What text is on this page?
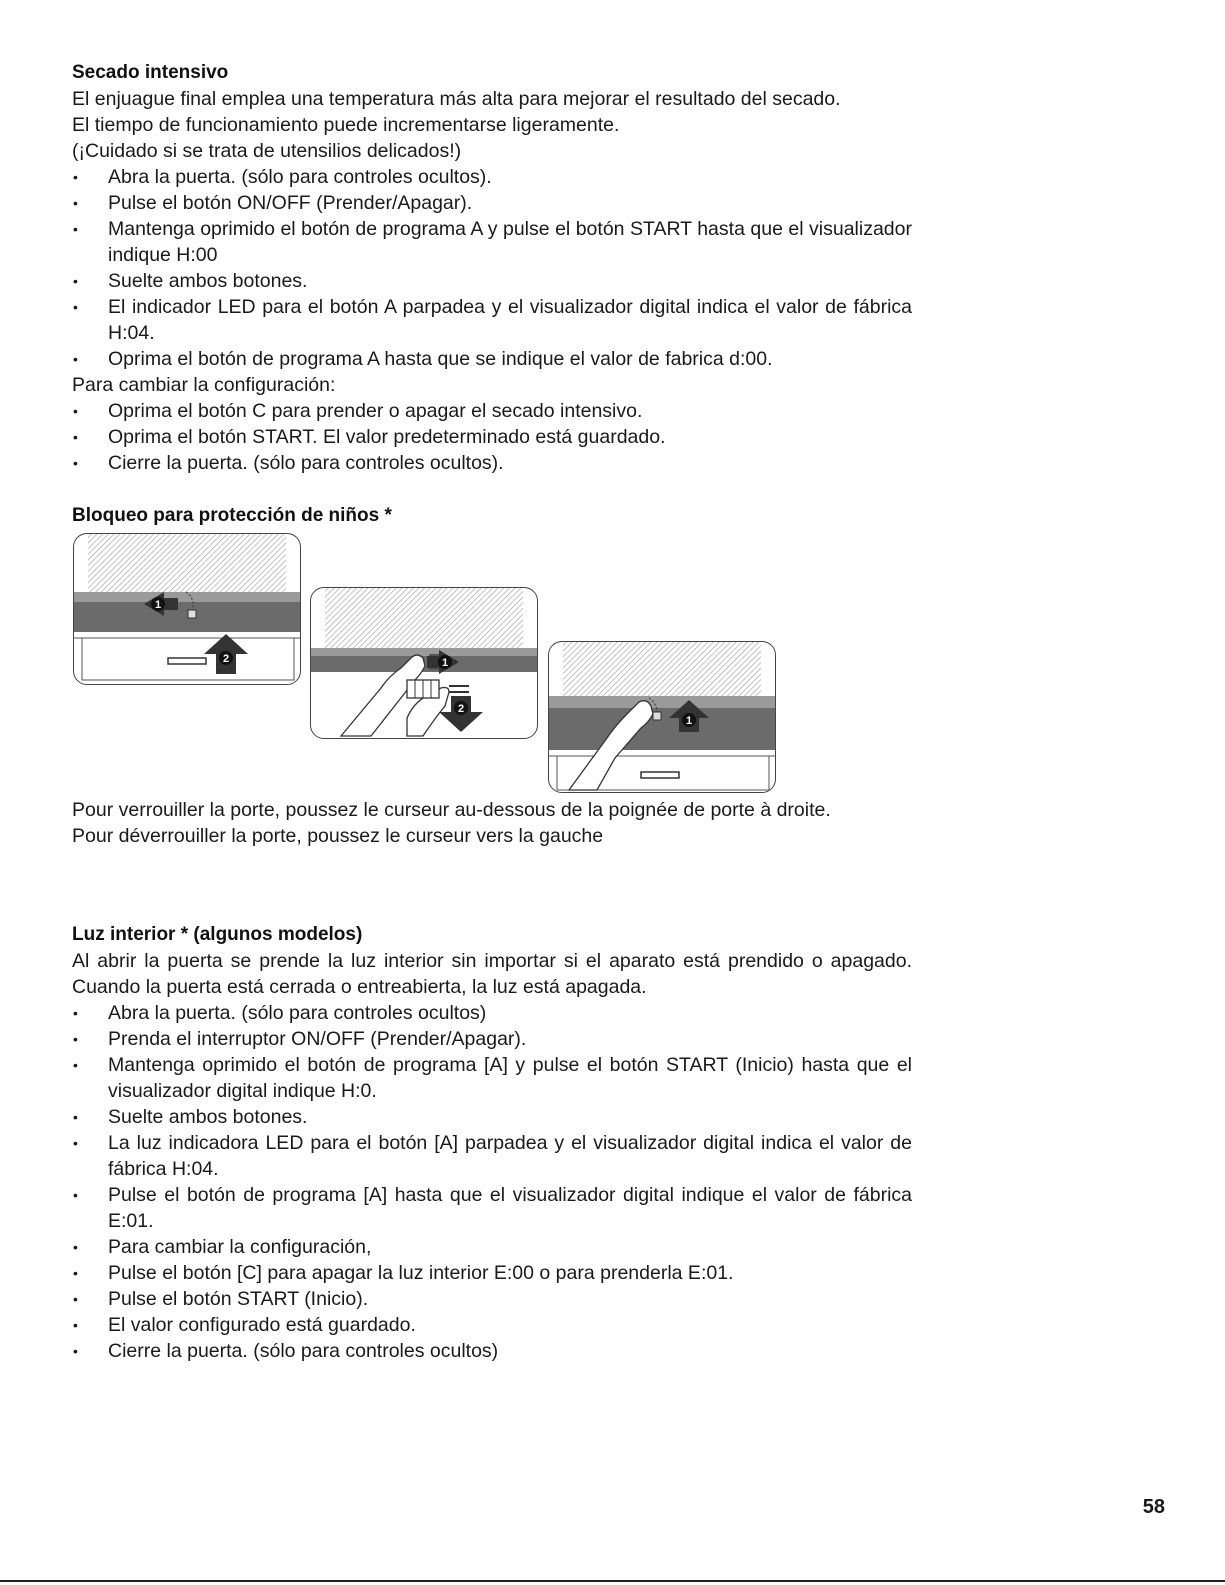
Secado intensivo

El enjuague final emplea una temperatura más alta para mejorar el resultado del secado.

El tiempo de funcionamiento puede incrementarse ligeramente.

(¡Cuidado si se trata de utensilios delicados!)

• Abra la puerta. (sólo para controles ocultos).
• Pulse el botón ON/OFF (Prender/Apagar).
• Mantenga oprimido el botón de programa A y pulse el botón START hasta que el visualizador indique H:00
• Suelte ambos botones.
• El indicador LED para el botón A parpadea y el visualizador digital indica el valor de fábrica H:04.
• Oprima el botón de programa A hasta que se indique el valor de fabrica d:00.

Para cambiar la configuración:

• Oprima el botón C para prender o apagar el secado intensivo.
• Oprima el botón START. El valor predeterminado está guardado.
• Cierre la puerta. (sólo para controles ocultos).
Bloqueo para protección de niños *
1
2	1
2
1

Pour verrouiller la porte, poussez le curseur au-dessous de la poignée de porte à droite.

Pour déverrouiller la porte, poussez le curseur vers la gauche

Luz interior * (algunos modelos)

Al abrir la puerta se prende la luz interior sin importar si el aparato está prendido o apagado. Cuando la puerta está cerrada o entreabierta, la luz está apagada.

• Abra la puerta. (sólo para controles ocultos)
• Prenda el interruptor ON/OFF (Prender/Apagar).
• Mantenga oprimido el botón de programa [A] y pulse el botón START (Inicio) hasta que el visualizador digital indique H:0.
• Suelte ambos botones.
• La luz indicadora LED para el botón [A] parpadea y el visualizador digital indica el valor de fábrica H:04.
• Pulse el botón de programa [A] hasta que el visualizador digital indique el valor de fábrica E:01.
• Para cambiar la configuración,
• Pulse el botón [C] para apagar la luz interior E:00 o para prenderla E:01.
• Pulse el botón START (Inicio).
• El valor configurado está guardado.
• Cierre la puerta. (sólo para controles ocultos)
58
